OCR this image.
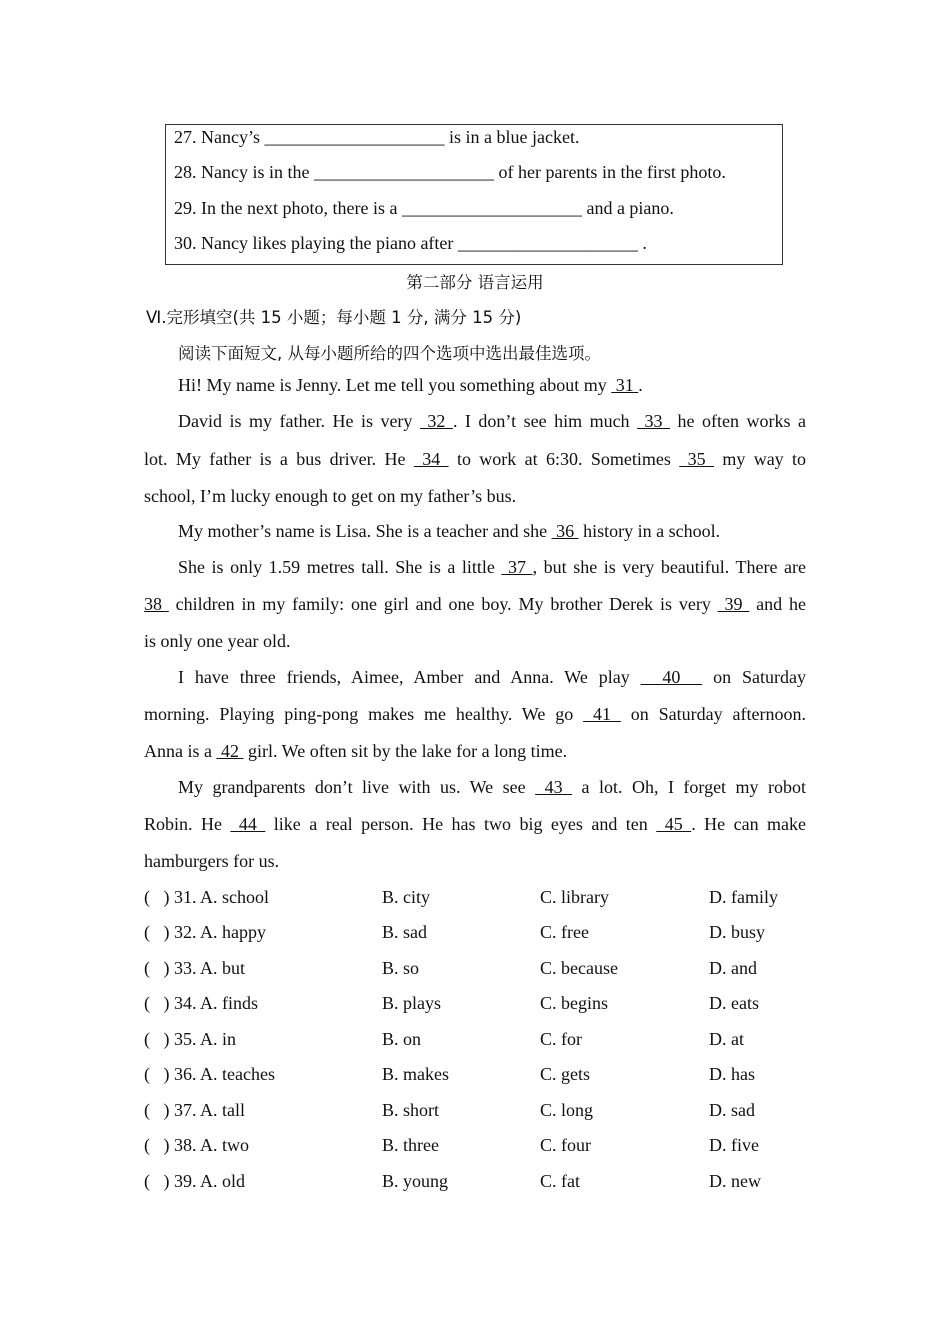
27. Nancy’s ____________________ is in a blue jacket.
28. Nancy is in the ____________________ of her parents in the first photo.
29. In the next photo, there is a ____________________ and a piano.
30. Nancy likes playing the piano after ____________________ .
第二部分 语言运用
Ⅵ.完形填空(共 15 小题；每小题 1 分, 满分 15 分)
阅读下面短文, 从每小题所给的四个选项中选出最佳选项。
Hi! My name is Jenny. Let me tell you something about my  31 .
David is my father. He is very  32 . I don’t see him much  33  he often works a
lot. My father is a bus driver. He  34  to work at 6:30. Sometimes  35  my way to
school, I’m lucky enough to get on my father’s bus.
My mother’s name is Lisa. She is a teacher and she  36  history in a school.
She is only 1.59 metres tall. She is a little  37 , but she is very beautiful. There are
38  children in my family: one girl and one boy. My brother Derek is very  39  and he
is only one year old.
I have three friends, Aimee, Amber and Anna. We play   40   on Saturday
morning. Playing ping-pong makes me healthy. We go  41  on Saturday afternoon.
Anna is a  42  girl. We often sit by the lake for a long time.
My grandparents don’t live with us. We see  43  a lot. Oh, I forget my robot
Robin. He  44  like a real person. He has two big eyes and ten  45 . He can make
hamburgers for us.
(   ) 31. A. school	B. city	C. library	D. family
(   ) 32. A. happy	B. sad	C. free	D. busy
(   ) 33. A. but	B. so	C. because	D. and
(   ) 34. A. finds	B. plays	C. begins	D. eats
(   ) 35. A. in	B. on	C. for	D. at
(   ) 36. A. teaches	B. makes	C. gets	D. has
(   ) 37. A. tall	B. short	C. long	D. sad
(   ) 38. A. two	B. three	C. four	D. five
(   ) 39. A. old	B. young	C. fat	D. new
